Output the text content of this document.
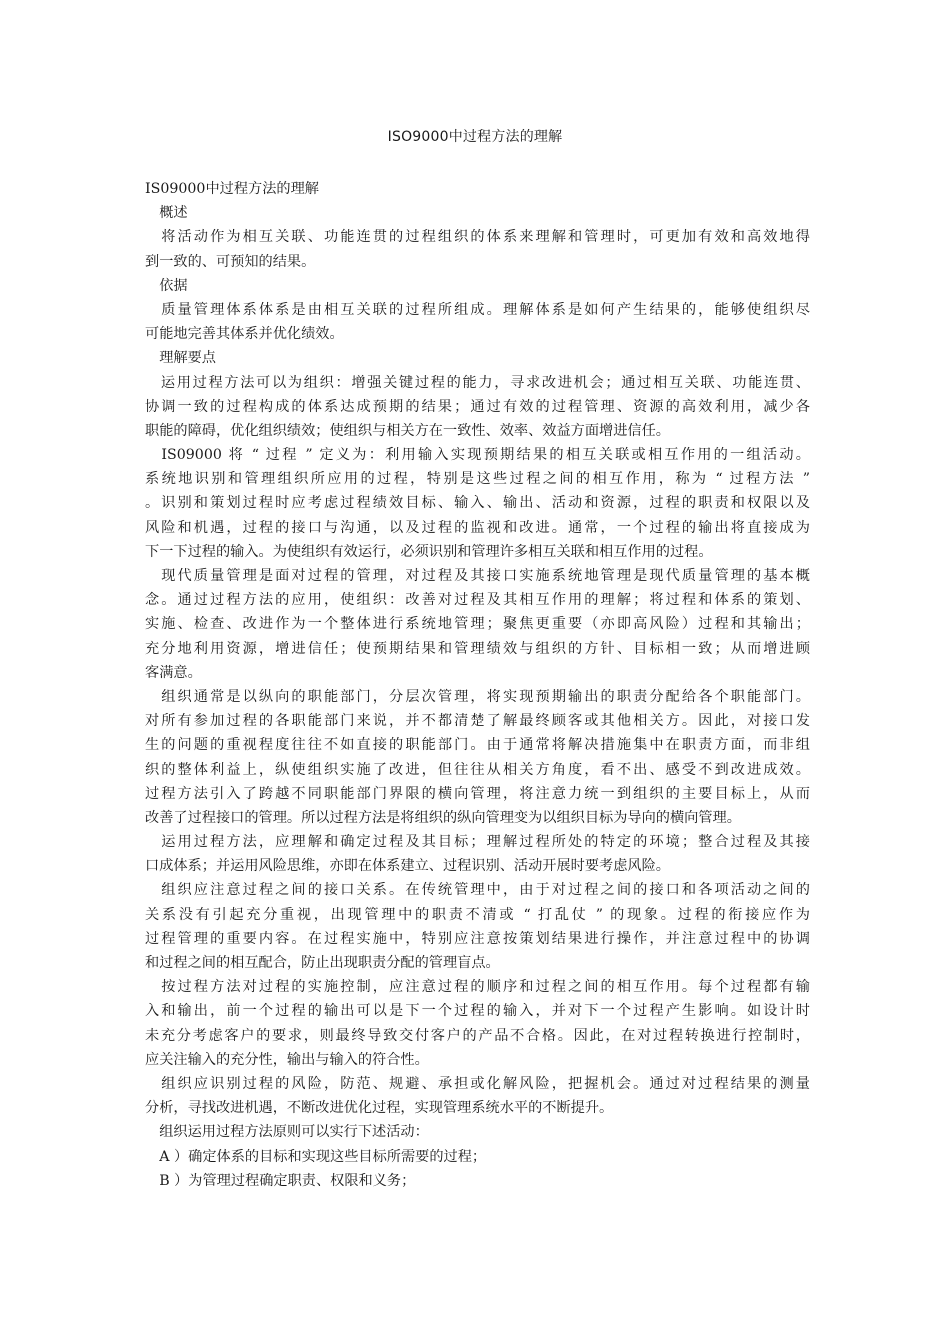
ISO9000中过程方法的理解
IS09000中过程方法的理解
　概述
　将活动作为相互关联、功能连贯的过程组织的体系来理解和管理时，可更加有效和高效地得
到一致的、可预知的结果。
　依据
　质量管理体系体系是由相互关联的过程所组成。理解体系是如何产生结果的，能够使组织尽
可能地完善其体系并优化绩效。
　理解要点
　运用过程方法可以为组织：增强关键过程的能力，寻求改进机会；通过相互关联、功能连贯、
协调一致的过程构成的体系达成预期的结果；通过有效的过程管理、资源的高效利用，减少各
职能的障碍，优化组织绩效；使组织与相关方在一致性、效率、效益方面增进信任。
　IS09000 将 “ 过程 ” 定义为：利用输入实现预期结果的相互关联或相互作用的一组活动。
系统地识别和管理组织所应用的过程，特别是这些过程之间的相互作用，称为 “ 过程方法 ”
。识别和策划过程时应考虑过程绩效目标、输入、输出、活动和资源，过程的职责和权限以及
风险和机遇，过程的接口与沟通，以及过程的监视和改进。通常，一个过程的输出将直接成为
下一下过程的输入。为使组织有效运行，必须识别和管理许多相互关联和相互作用的过程。
　现代质量管理是面对过程的管理，对过程及其接口实施系统地管理是现代质量管理的基本概
念。通过过程方法的应用，使组织：改善对过程及其相互作用的理解；将过程和体系的策划、
实施、检查、改进作为一个整体进行系统地管理；聚焦更重要（亦即高风险）过程和其输出；
充分地利用资源，增进信任；使预期结果和管理绩效与组织的方针、目标相一致；从而增进顾
客满意。
　组织通常是以纵向的职能部门，分层次管理，将实现预期输出的职责分配给各个职能部门。
对所有参加过程的各职能部门来说，并不都清楚了解最终顾客或其他相关方。因此，对接口发
生的问题的重视程度往往不如直接的职能部门。由于通常将解决措施集中在职责方面，而非组
织的整体利益上，纵使组织实施了改进，但往往从相关方角度，看不出、感受不到改进成效。
过程方法引入了跨越不同职能部门界限的横向管理，将注意力统一到组织的主要目标上，从而
改善了过程接口的管理。所以过程方法是将组织的纵向管理变为以组织目标为导向的横向管理。
　运用过程方法，应理解和确定过程及其目标；理解过程所处的特定的环境；整合过程及其接
口成体系；并运用风险思维，亦即在体系建立、过程识别、活动开展时要考虑风险。
　组织应注意过程之间的接口关系。在传统管理中，由于对过程之间的接口和各项活动之间的
关系没有引起充分重视，出现管理中的职责不清或 “ 打乱仗 ” 的现象。过程的衔接应作为
过程管理的重要内容。在过程实施中，特别应注意按策划结果进行操作，并注意过程中的协调
和过程之间的相互配合，防止出现职责分配的管理盲点。
　按过程方法对过程的实施控制，应注意过程的顺序和过程之间的相互作用。每个过程都有输
入和输出，前一个过程的输出可以是下一个过程的输入，并对下一个过程产生影响。如设计时
未充分考虑客户的要求，则最终导致交付客户的产品不合格。因此，在对过程转换进行控制时，
应关注输入的充分性，输出与输入的符合性。
　组织应识别过程的风险，防范、规避、承担或化解风险，把握机会。通过对过程结果的测量
分析，寻找改进机遇，不断改进优化过程，实现管理系统水平的不断提升。
　组织运用过程方法原则可以实行下述活动：
　A ）确定体系的目标和实现这些目标所需要的过程；
　B ）为管理过程确定职责、权限和义务；
